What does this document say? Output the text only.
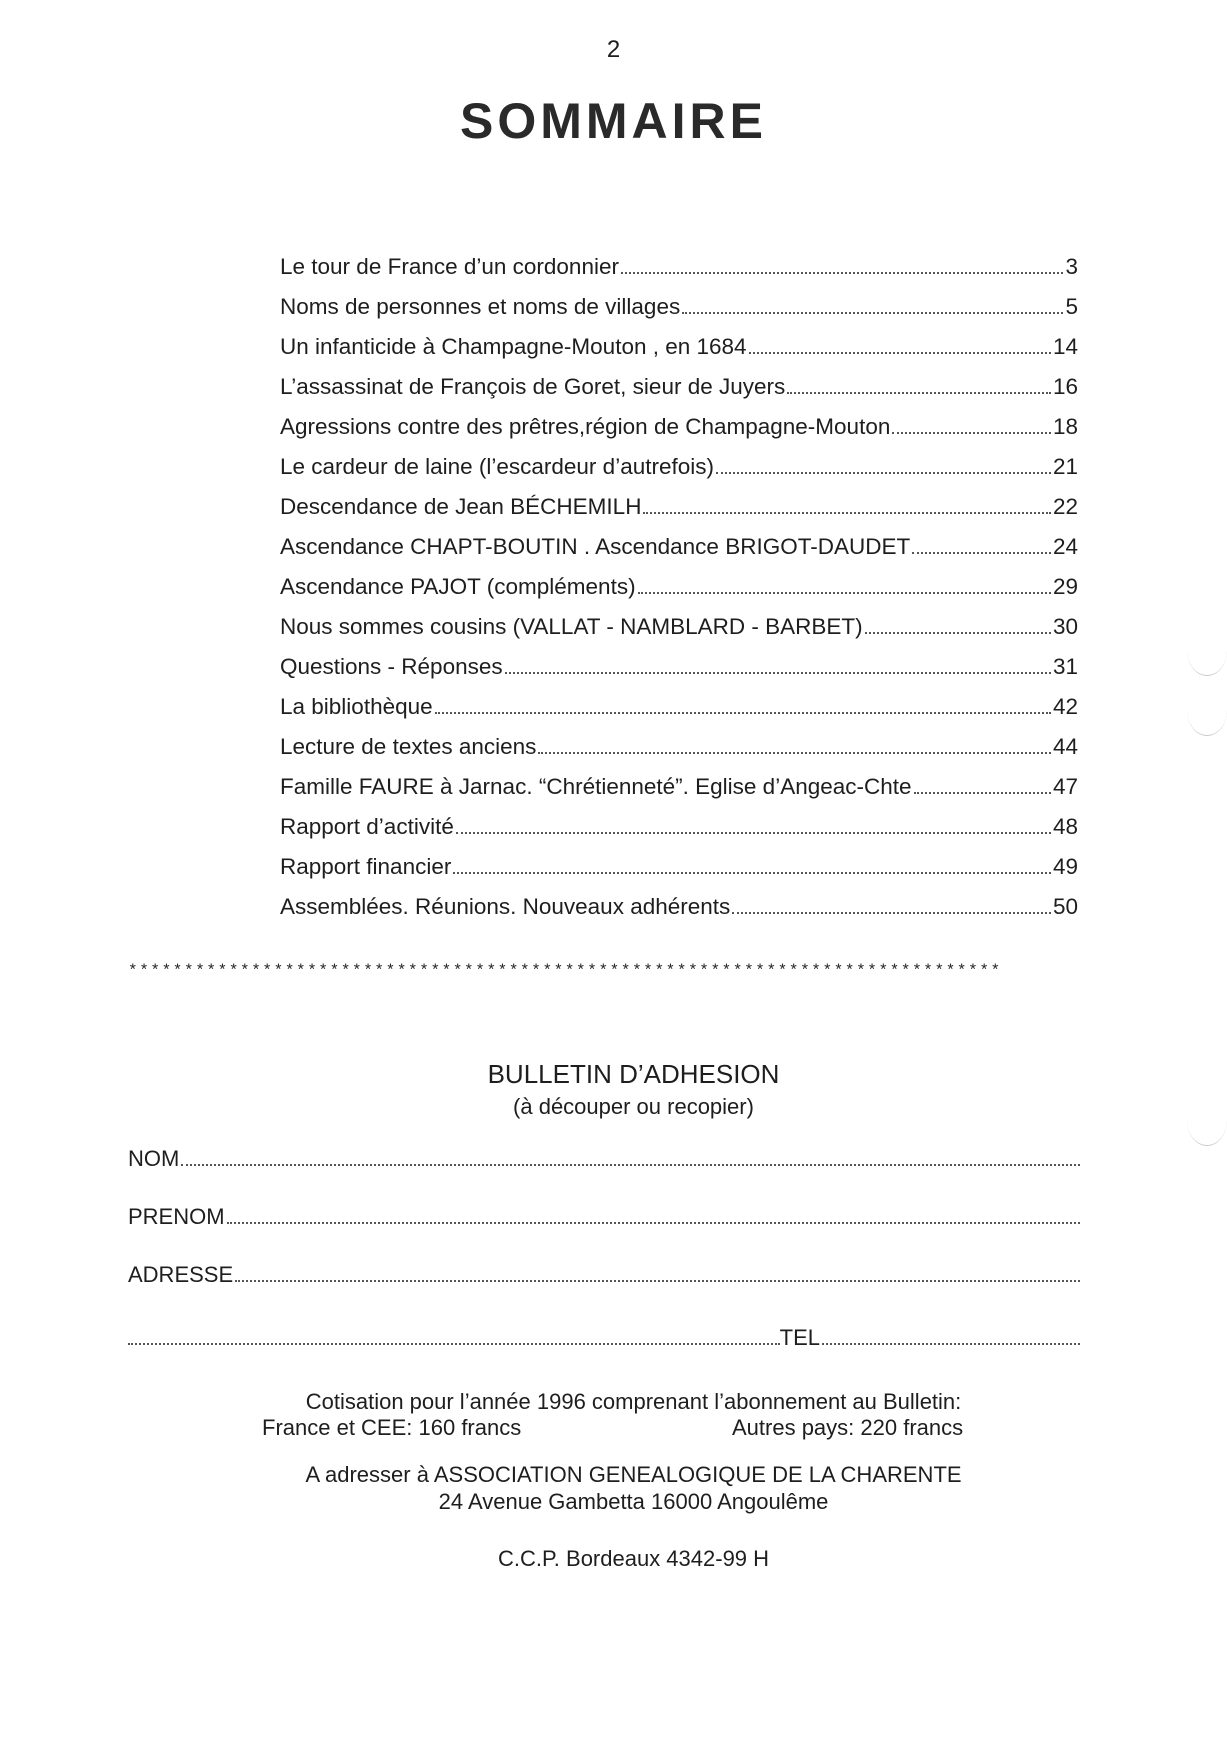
2
SOMMAIRE
Le tour de France d’un cordonnier	3
Noms de personnes et noms de villages	5
Un infanticide à Champagne-Mouton , en 1684	14
L’assassinat de François de Goret, sieur de Juyers	16
Agressions contre des prêtres,région de Champagne-Mouton	18
Le cardeur de laine (l’escardeur d’autrefois)	21
Descendance de Jean BÉCHEMILH	22
Ascendance CHAPT-BOUTIN . Ascendance BRIGOT-DAUDET	24
Ascendance PAJOT (compléments)	29
Nous sommes cousins (VALLAT - NAMBLARD - BARBET)	30
Questions - Réponses	31
La bibliothèque	42
Lecture de textes anciens	44
Famille FAURE à Jarnac. “Chrétienneté”. Eglise d’Angeac-Chte	47
Rapport d’activité	48
Rapport financier	49
Assemblées. Réunions. Nouveaux adhérents	50
******************************************************************************
BULLETIN D’ADHESION
(à découper ou recopier)
NOM
PRENOM
ADRESSE
TEL
Cotisation pour l’année 1996 comprenant l’abonnement au Bulletin:
France et CEE: 160 francs	Autres pays: 220 francs
A adresser à ASSOCIATION GENEALOGIQUE DE LA CHARENTE
24 Avenue Gambetta 16000 Angoulême
C.C.P. Bordeaux 4342-99 H
